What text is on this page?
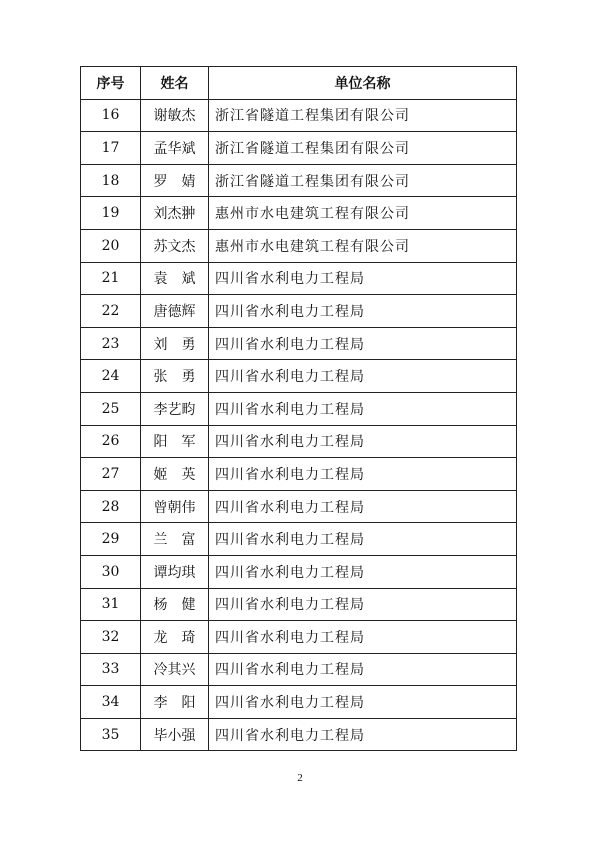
序号	姓名	单位名称
16	谢敏杰	浙江省隧道工程集团有限公司
17	孟华斌	浙江省隧道工程集团有限公司
18	罗　婧	浙江省隧道工程集团有限公司
19	刘杰翀	惠州市水电建筑工程有限公司
20	苏文杰	惠州市水电建筑工程有限公司
21	袁　斌	四川省水利电力工程局
22	唐德辉	四川省水利电力工程局
23	刘　勇	四川省水利电力工程局
24	张　勇	四川省水利电力工程局
25	李艺畇	四川省水利电力工程局
26	阳　军	四川省水利电力工程局
27	姬　英	四川省水利电力工程局
28	曾朝伟	四川省水利电力工程局
29	兰　富	四川省水利电力工程局
30	谭均琪	四川省水利电力工程局
31	杨　健	四川省水利电力工程局
32	龙　琦	四川省水利电力工程局
33	冷其兴	四川省水利电力工程局
34	李　阳	四川省水利电力工程局
35	毕小强	四川省水利电力工程局
2
